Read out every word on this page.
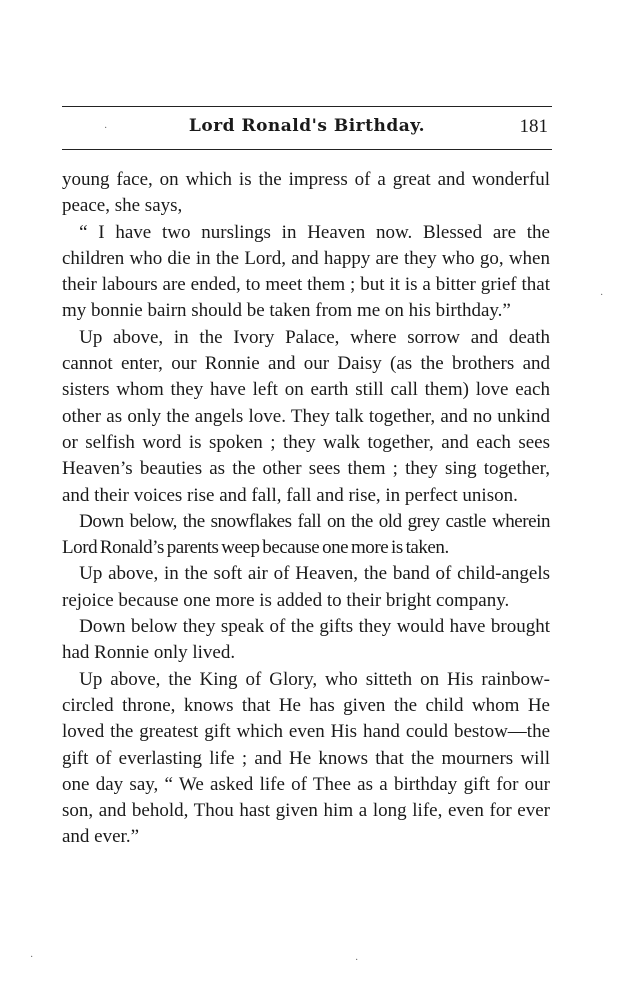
Lord Ronald's Birthday.	181

young face, on which is the impress of a great and wonderful peace, she says,

“ I have two nurslings in Heaven now. Blessed are the children who die in the Lord, and happy are they who go, when their labours are ended, to meet them ; but it is a bitter grief that my bonnie bairn should be taken from me on his birthday.”

Up above, in the Ivory Palace, where sorrow and death cannot enter, our Ronnie and our Daisy (as the brothers and sisters whom they have left on earth still call them) love each other as only the angels love. They talk together, and no unkind or selfish word is spoken ; they walk together, and each sees Heaven’s beauties as the other sees them ; they sing together, and their voices rise and fall, fall and rise, in perfect unison.

Down below, the snowflakes fall on the old grey castle wherein Lord Ronald’s parents weep because one more is taken.

Up above, in the soft air of Heaven, the band of child-angels rejoice because one more is added to their bright company.

Down below they speak of the gifts they would have brought had Ronnie only lived.

Up above, the King of Glory, who sitteth on His rainbow-circled throne, knows that He has given the child whom He loved the greatest gift which even His hand could bestow—the gift of everlasting life ; and He knows that the mourners will one day say, “ We asked life of Thee as a birthday gift for our son, and behold, Thou hast given him a long life, even for ever and ever.”

·
·
·
·
